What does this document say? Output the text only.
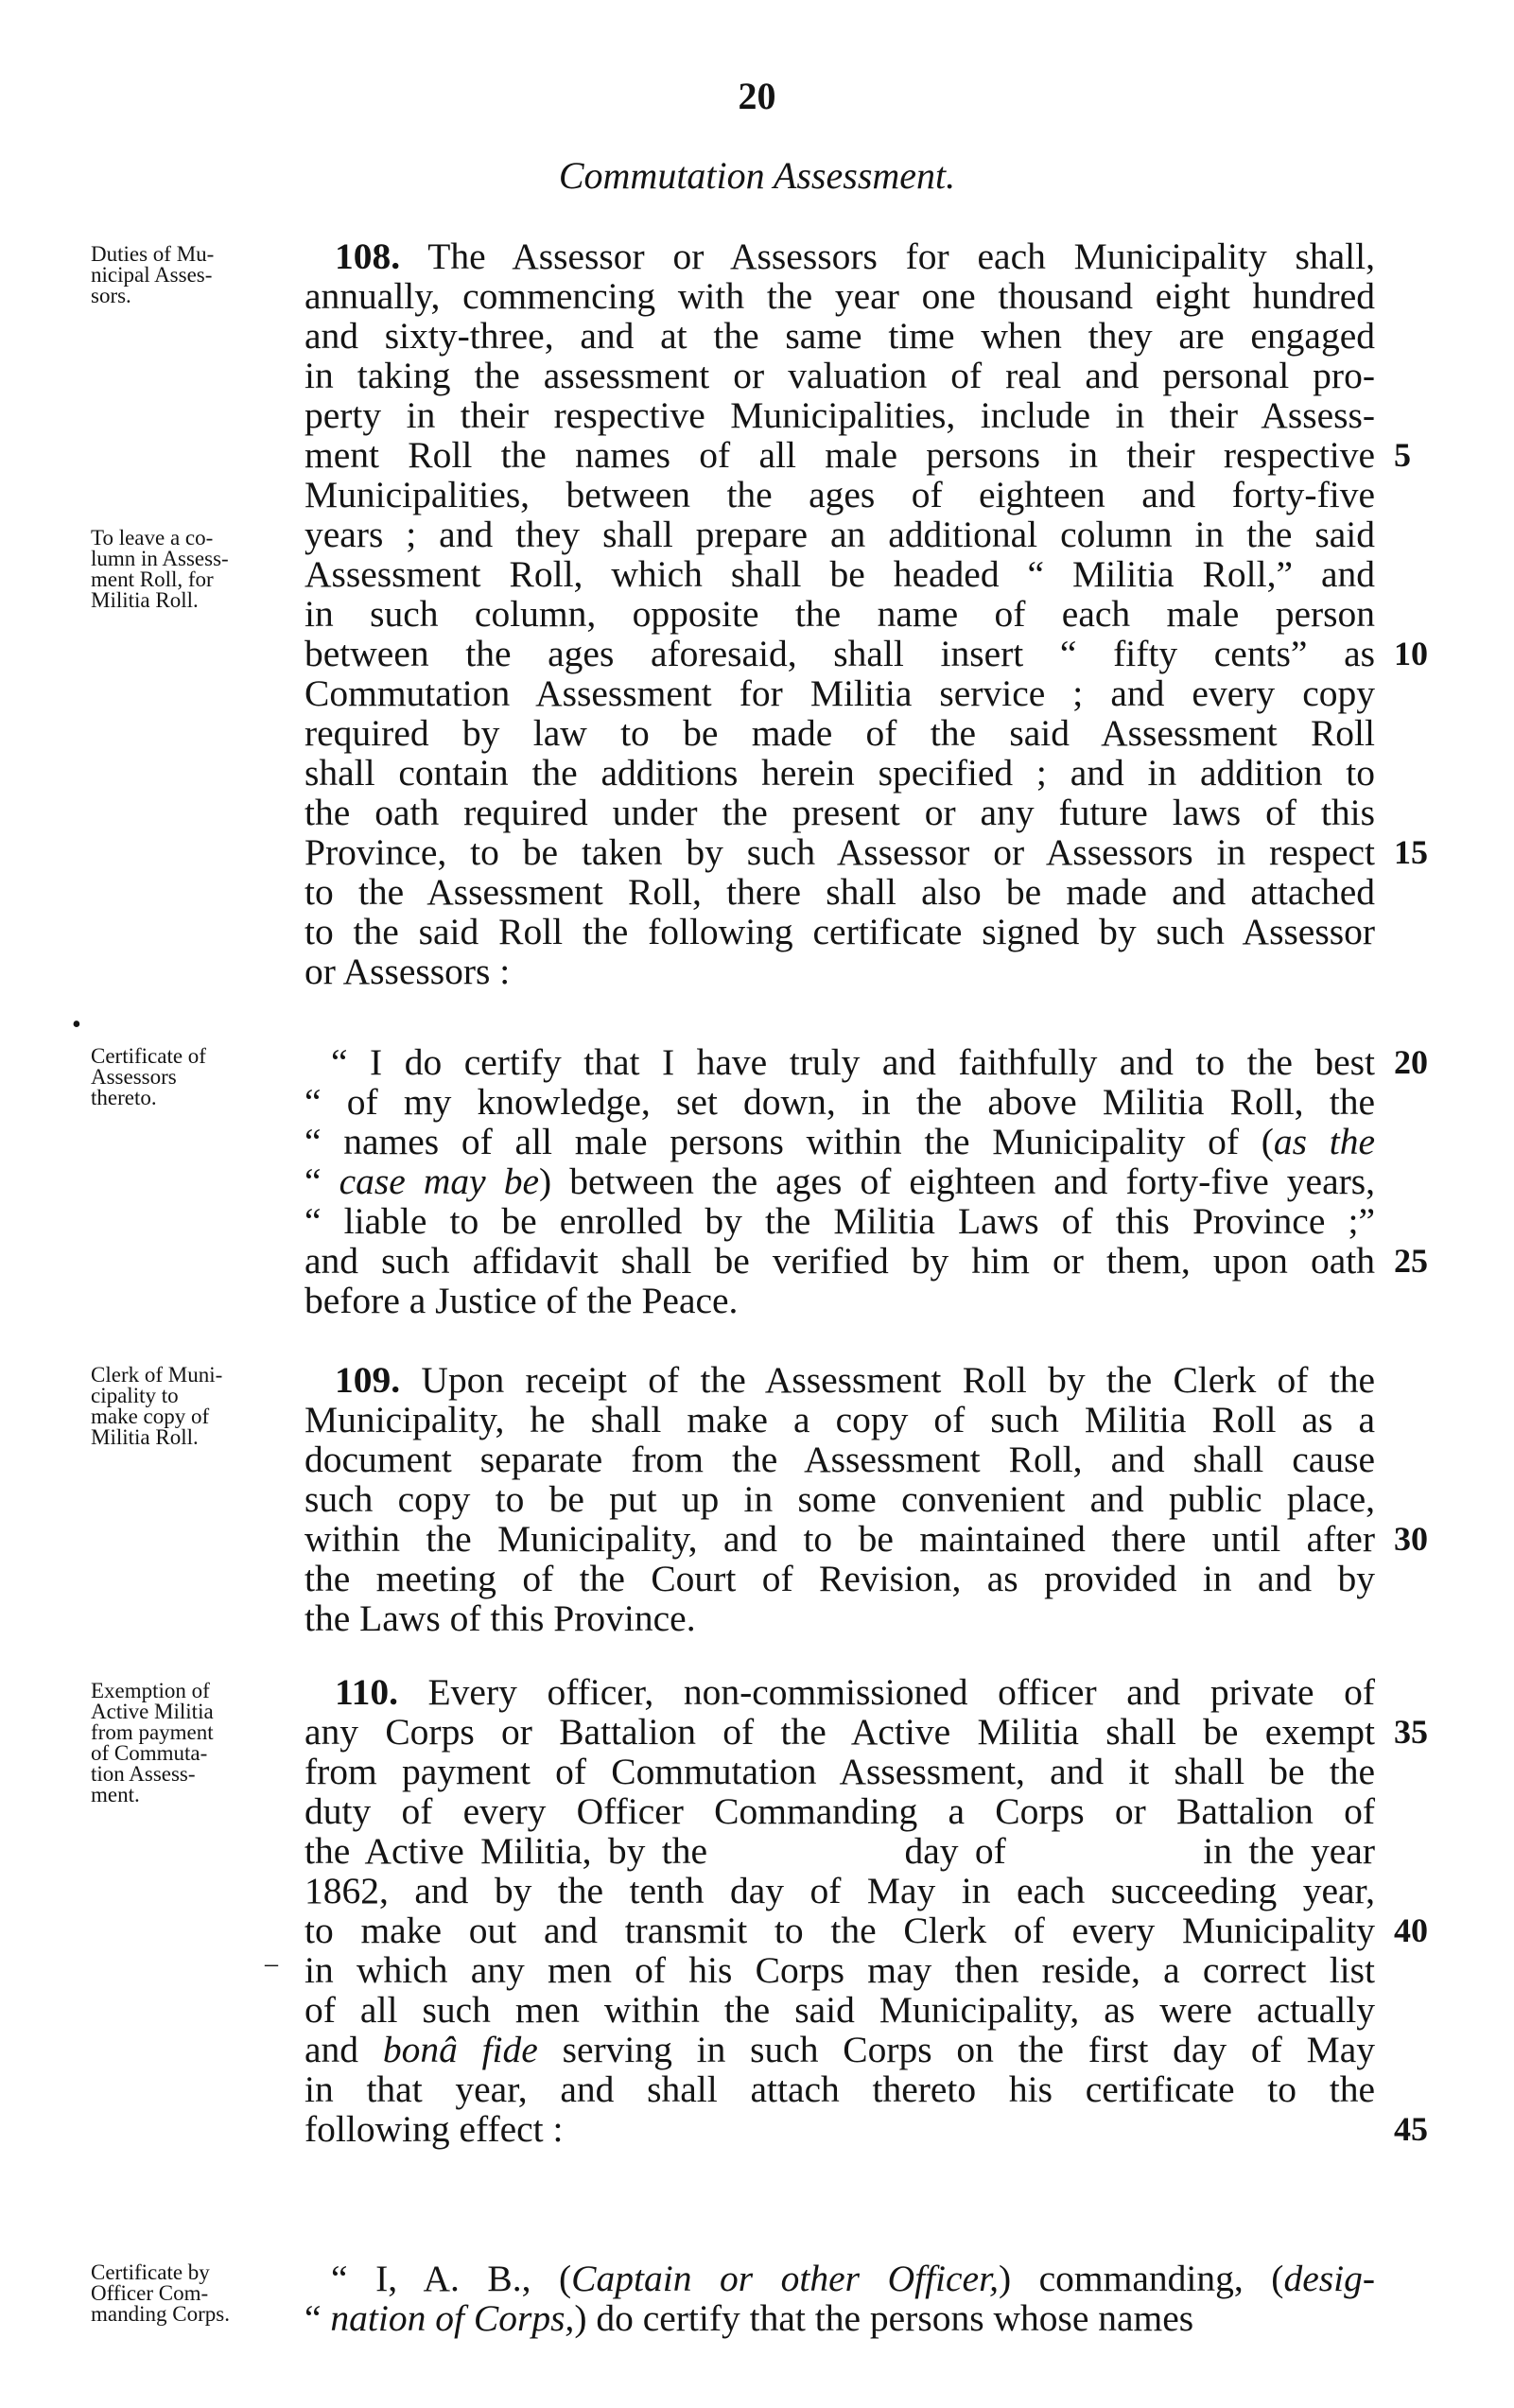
20
Commutation Assessment.
108. The Assessor or Assessors for each Municipality shall,
annually, commencing with the year one thousand eight hundred
and sixty-three, and at the same time when they are engaged
in taking the assessment or valuation of real and personal pro-
perty in their respective Municipalities, include in their Assess-
ment Roll the names of all male persons in their respective
Municipalities, between the ages of eighteen and forty-five
years ; and they shall prepare an additional column in the said
Assessment Roll, which shall be headed “ Militia Roll,” and
in such column, opposite the name of each male person
between the ages aforesaid, shall insert “ fifty cents” as
Commutation Assessment for Militia service ; and every copy
required by law to be made of the said Assessment Roll
shall contain the additions herein specified ; and in addition to
the oath required under the present or any future laws of this
Province, to be taken by such Assessor or Assessors in respect
to the Assessment Roll, there shall also be made and attached
to the said Roll the following certificate signed by such Assessor
or Assessors :
“ I do certify that I have truly and faithfully and to the best
“ of my knowledge, set down, in the above Militia Roll, the
“ names of all male persons within the Municipality of (as the
“ case may be) between the ages of eighteen and forty-five years,
“ liable to be enrolled by the Militia Laws of this Province ;”
and such affidavit shall be verified by him or them, upon oath
before a Justice of the Peace.
109. Upon receipt of the Assessment Roll by the Clerk of the
Municipality, he shall make a copy of such Militia Roll as a
document separate from the Assessment Roll, and shall cause
such copy to be put up in some convenient and public place,
within the Municipality, and to be maintained there until after
the meeting of the Court of Revision, as provided in and by
the Laws of this Province.
110. Every officer, non-commissioned officer and private of
any Corps or Battalion of the Active Militia shall be exempt
from payment of Commutation Assessment, and it shall be the
duty of every Officer Commanding a Corps or Battalion of
the Active Militia, by the            day of            in the year
1862, and by the tenth day of May in each succeeding year,
to make out and transmit to the Clerk of every Municipality
in which any men of his Corps may then reside, a correct list
of all such men within the said Municipality, as were actually
and bonâ fide serving in such Corps on the first day of May
in that year, and shall attach thereto his certificate to the
following effect :
“ I, A. B., (Captain or other Officer,) commanding, (desig-
“ nation of Corps,) do certify that the persons whose names
Duties of Mu-
nicipal Asses-
sors.
To leave a co-
lumn in Assess-
ment Roll, for
Militia Roll.
Certificate of
Assessors
thereto.
Clerk of Muni-
cipality to
make copy of
Militia Roll.
Exemption of
Active Militia
from payment
of Commuta-
tion Assess-
ment.
Certificate by
Officer Com-
manding Corps.
5
10
15
20
25
30
35
40
45
•
–
